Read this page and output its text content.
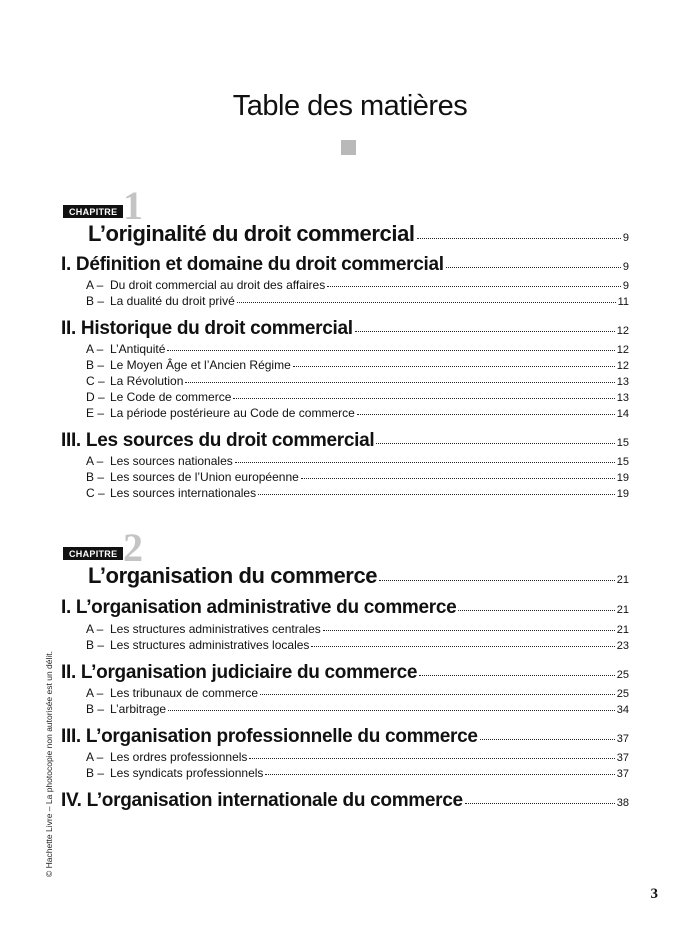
Table des matières
CHAPITRE 1
L’originalité du droit commercial	9
I. Définition et domaine du droit commercial	9
A – Du droit commercial au droit des affaires	9
B – La dualité du droit privé	11
II. Historique du droit commercial	12
A – L’Antiquité	12
B – Le Moyen Âge et l’Ancien Régime	12
C – La Révolution	13
D – Le Code de commerce	13
E – La période postérieure au Code de commerce	14
III. Les sources du droit commercial	15
A – Les sources nationales	15
B – Les sources de l’Union européenne	19
C – Les sources internationales	19
CHAPITRE 2
L’organisation du commerce	21
I. L’organisation administrative du commerce	21
A – Les structures administratives centrales	21
B – Les structures administratives locales	23
II. L’organisation judiciaire du commerce	25
A – Les tribunaux de commerce	25
B – L’arbitrage	34
III. L’organisation professionnelle du commerce	37
A – Les ordres professionnels	37
B – Les syndicats professionnels	37
IV. L’organisation internationale du commerce	38
© Hachette Livre – La photocopie non autorisée est un délit.
3
